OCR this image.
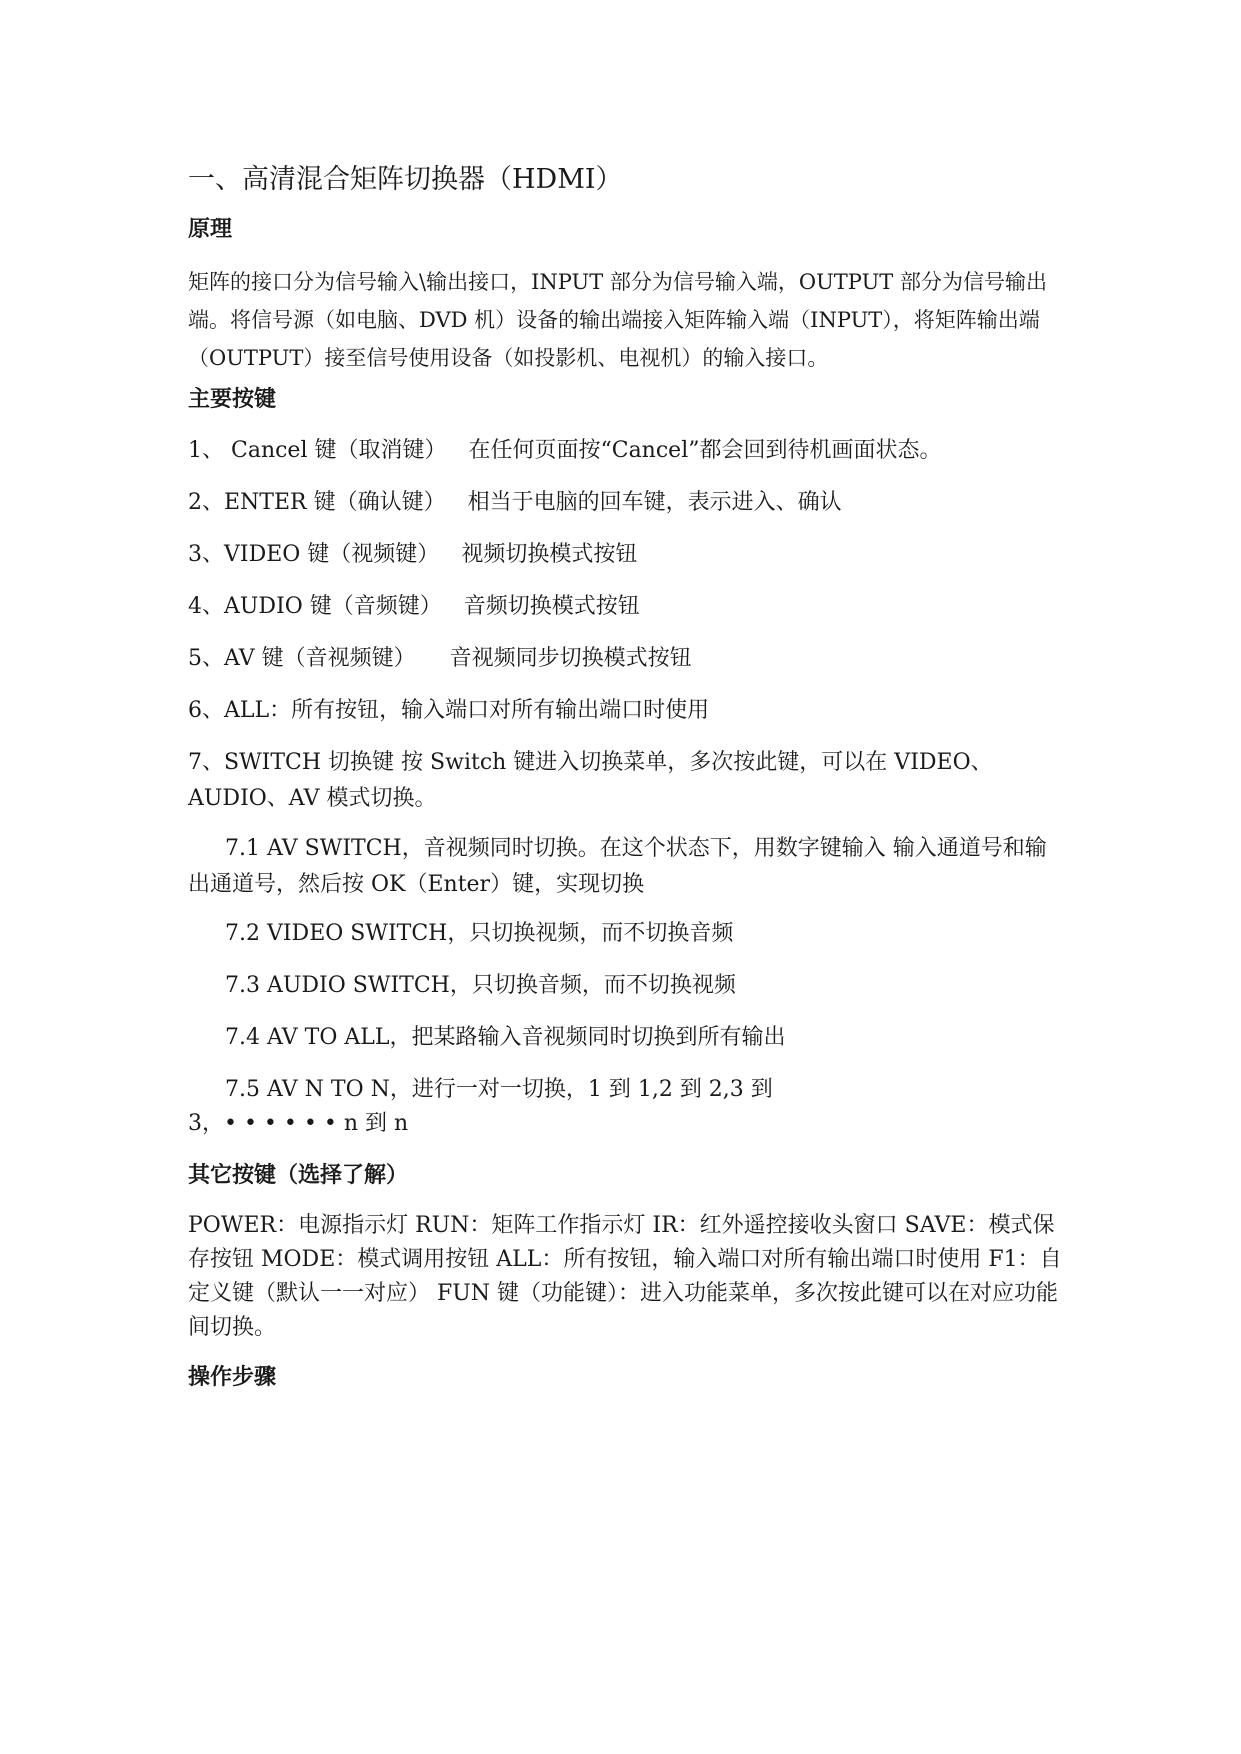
一、高清混合矩阵切换器（HDMI）
原理
矩阵的接口分为信号输入\输出接口，INPUT 部分为信号输入端，OUTPUT 部分为信号输出端。将信号源（如电脑、DVD 机）设备的输出端接入矩阵输入端（INPUT），将矩阵输出端（OUTPUT）接至信号使用设备（如投影机、电视机）的输入接口。
主要按键
1、 Cancel 键（取消键） 在任何页面按“Cancel”都会回到待机画面状态。
2、ENTER 键（确认键） 相当于电脑的回车键，表示进入、确认
3、VIDEO 键（视频键） 视频切换模式按钮
4、AUDIO 键（音频键） 音频切换模式按钮
5、AV 键（音视频键） 音视频同步切换模式按钮
6、ALL：所有按钮，输入端口对所有输出端口时使用
7、SWITCH 切换键 按 Switch 键进入切换菜单，多次按此键，可以在 VIDEO、AUDIO、AV 模式切换。
7.1 AV SWITCH，音视频同时切换。在这个状态下，用数字键输入 输入通道号和输出通道号，然后按 OK（Enter）键，实现切换
7.2 VIDEO SWITCH，只切换视频，而不切换音频
7.3 AUDIO SWITCH，只切换音频，而不切换视频
7.4 AV TO ALL，把某路输入音视频同时切换到所有输出
7.5 AV N TO N，进行一对一切换，1 到 1,2 到 2,3 到
3，• • • • • • n 到 n
其它按键（选择了解）
POWER：电源指示灯 RUN：矩阵工作指示灯 IR：红外遥控接收头窗口 SAVE：模式保存按钮 MODE：模式调用按钮 ALL：所有按钮，输入端口对所有输出端口时使用 F1：自定义键（默认一一对应） FUN 键（功能键）：进入功能菜单，多次按此键可以在对应功能间切换。
操作步骤
